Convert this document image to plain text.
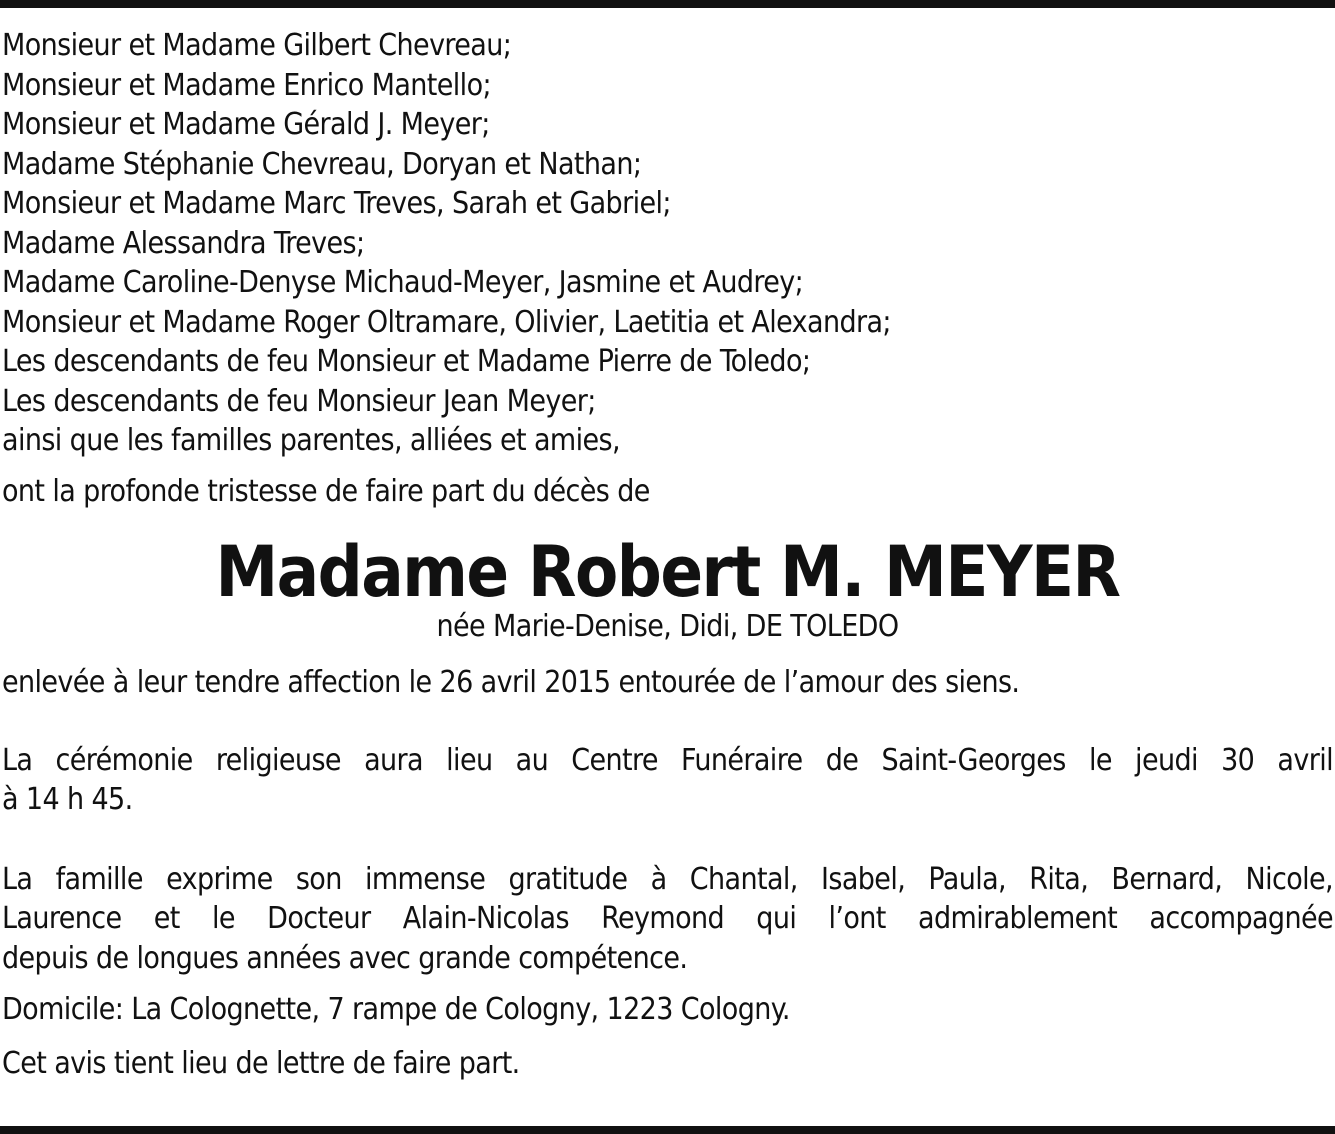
Monsieur et Madame Gilbert Chevreau;
Monsieur et Madame Enrico Mantello;
Monsieur et Madame Gérald J. Meyer;
Madame Stéphanie Chevreau, Doryan et Nathan;
Monsieur et Madame Marc Treves, Sarah et Gabriel;
Madame Alessandra Treves;
Madame Caroline-Denyse Michaud-Meyer, Jasmine et Audrey;
Monsieur et Madame Roger Oltramare, Olivier, Laetitia et Alexandra;
Les descendants de feu Monsieur et Madame Pierre de Toledo;
Les descendants de feu Monsieur Jean Meyer;
ainsi que les familles parentes, alliées et amies,
ont la profonde tristesse de faire part du décès de
Madame Robert M. MEYER
née Marie-Denise, Didi, DE TOLEDO
enlevée à leur tendre affection le 26 avril 2015 entourée de l’amour des siens.
La cérémonie religieuse aura lieu au Centre Funéraire de Saint-Georges le jeudi 30 avril
à 14 h 45.
La famille exprime son immense gratitude à Chantal, Isabel, Paula, Rita, Bernard, Nicole,
Laurence et le Docteur Alain-Nicolas Reymond qui l’ont admirablement accompagnée
depuis de longues années avec grande compétence.
Domicile: La Colognette, 7 rampe de Cologny, 1223 Cologny.
Cet avis tient lieu de lettre de faire part.
